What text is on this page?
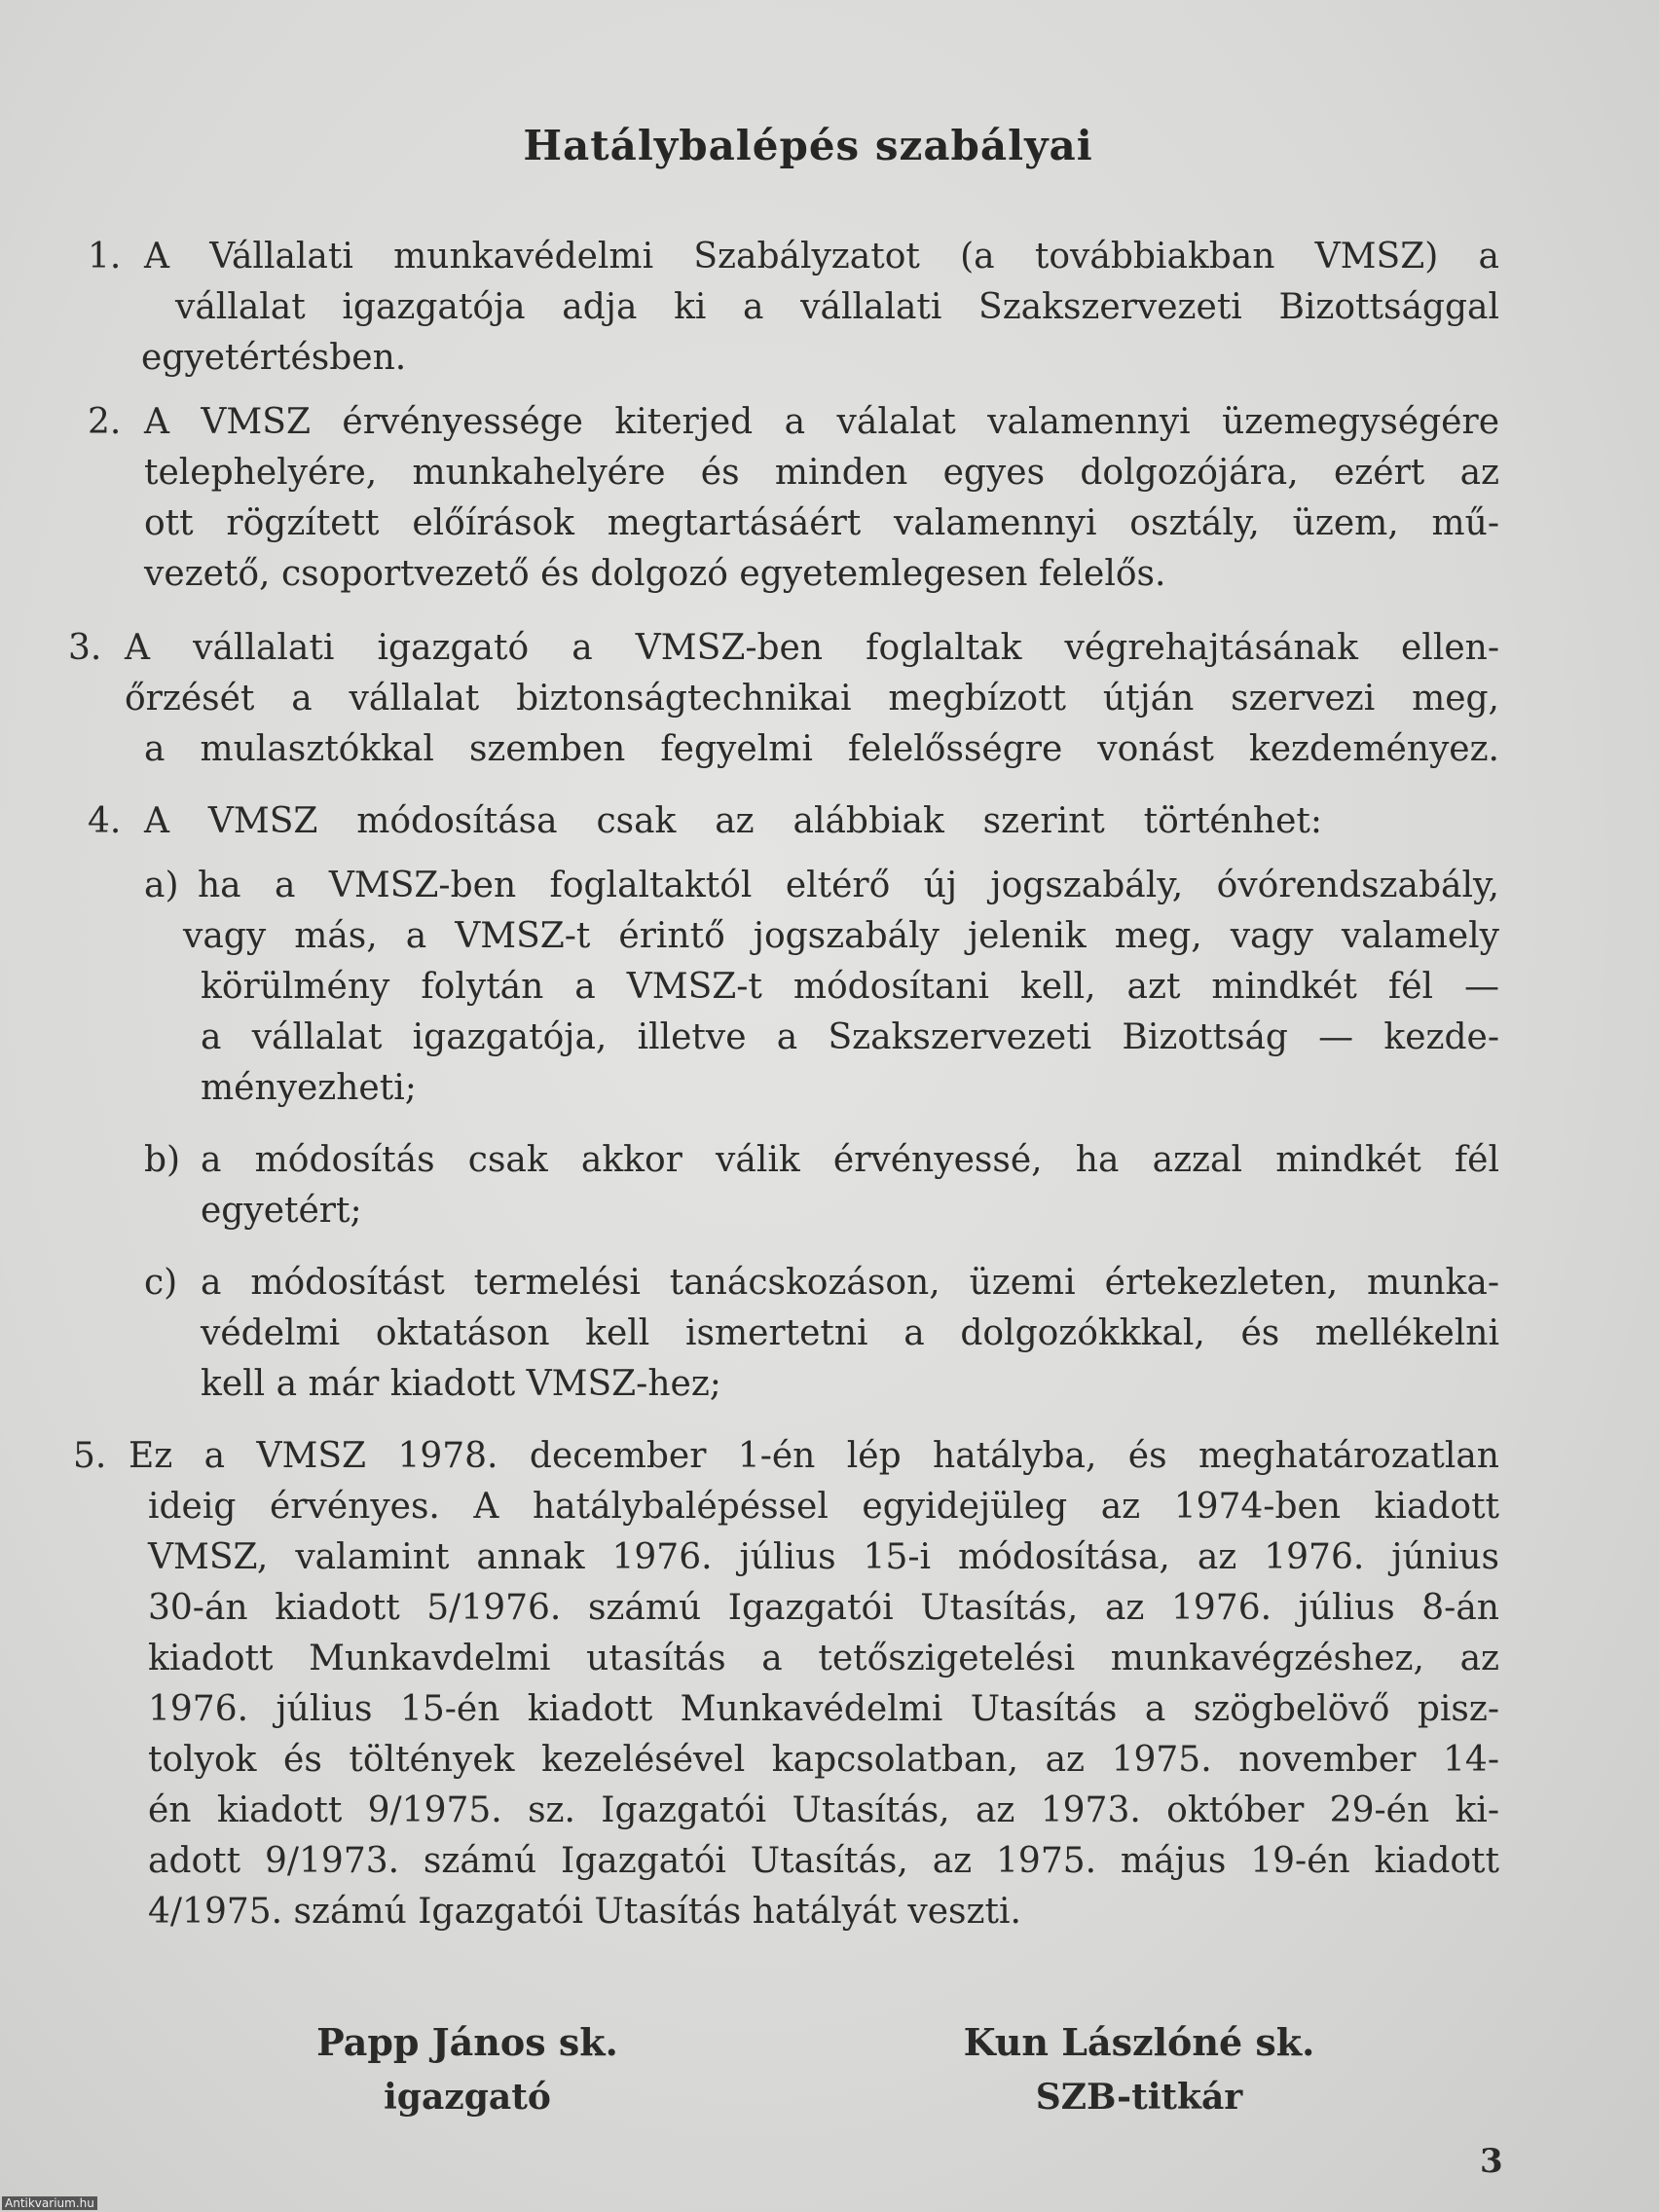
Hatálybalépés szabályai
1. A Vállalati munkavédelmi Szabályzatot (a továbbiakban VMSZ) a
vállalat igazgatója adja ki a vállalati Szakszervezeti Bizottsággal
egyetértésben.
2. A VMSZ érvényessége kiterjed a válalat valamennyi üzemegységére
telephelyére, munkahelyére és minden egyes dolgozójára, ezért az
ott rögzített előírások megtartásáért valamennyi osztály, üzem, mű-
vezető, csoportvezető és dolgozó egyetemlegesen felelős.
3. A vállalati igazgató a VMSZ-ben foglaltak végrehajtásának ellen-
őrzését a vállalat biztonságtechnikai megbízott útján szervezi meg,
a mulasztókkal szemben fegyelmi felelősségre vonást kezdeményez.
4. A VMSZ módosítása csak az alábbiak szerint történhet:
a) ha a VMSZ-ben foglaltaktól eltérő új jogszabály, óvórendszabály,
vagy más, a VMSZ-t érintő jogszabály jelenik meg, vagy valamely
körülmény folytán a VMSZ-t módosítani kell, azt mindkét fél —
a vállalat igazgatója, illetve a Szakszervezeti Bizottság — kezde-
ményezheti;
b) a módosítás csak akkor válik érvényessé, ha azzal mindkét fél
egyetért;
c) a módosítást termelési tanácskozáson, üzemi értekezleten, munka-
védelmi oktatáson kell ismertetni a dolgozókkkal, és mellékelni
kell a már kiadott VMSZ-hez;
5. Ez a VMSZ 1978. december 1-én lép hatályba, és meghatározatlan
ideig érvényes. A hatálybalépéssel egyidejüleg az 1974-ben kiadott
VMSZ, valamint annak 1976. július 15-i módosítása, az 1976. június
30-án kiadott 5/1976. számú Igazgatói Utasítás, az 1976. július 8-án
kiadott Munkavdelmi utasítás a tetőszigetelési munkavégzéshez, az
1976. július 15-én kiadott Munkavédelmi Utasítás a szögbelövő pisz-
tolyok és töltények kezelésével kapcsolatban, az 1975. november 14-
én kiadott 9/1975. sz. Igazgatói Utasítás, az 1973. október 29-én ki-
adott 9/1973. számú Igazgatói Utasítás, az 1975. május 19-én kiadott
4/1975. számú Igazgatói Utasítás hatályát veszti.
Papp János sk.
igazgató
Kun Lászlóné sk.
SZB-titkár
3
Antikvarium.hu
